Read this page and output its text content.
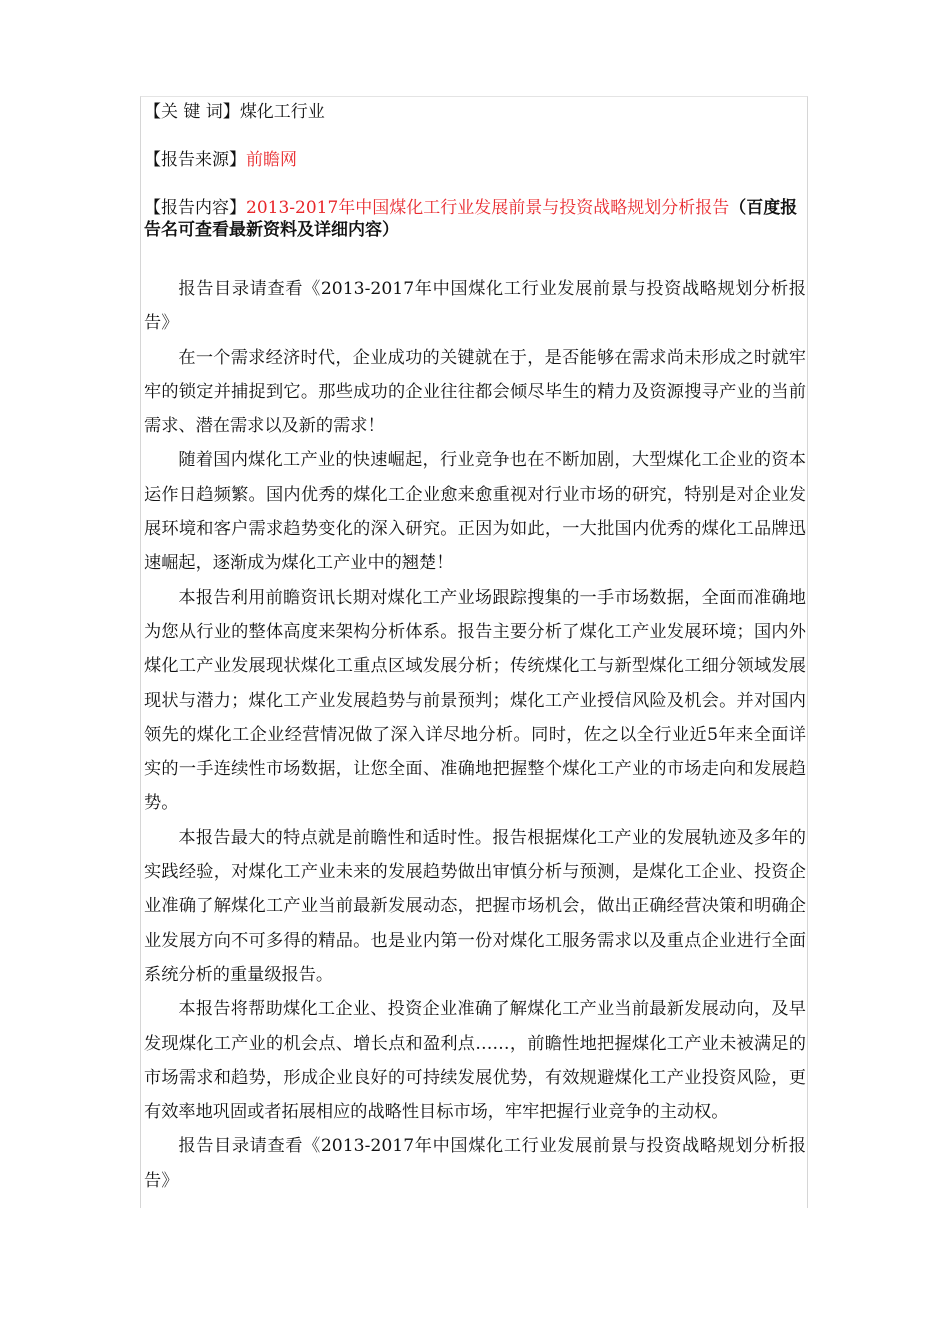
【关 键 词】煤化工行业
【报告来源】前瞻网
【报告内容】2013-2017年中国煤化工行业发展前景与投资战略规划分析报告（百度报告名可查看最新资料及详细内容）

报告目录请查看《2013-2017年中国煤化工行业发展前景与投资战略规划分析报告》

在一个需求经济时代，企业成功的关键就在于，是否能够在需求尚未形成之时就牢牢的锁定并捕捉到它。那些成功的企业往往都会倾尽毕生的精力及资源搜寻产业的当前需求、潜在需求以及新的需求！

随着国内煤化工产业的快速崛起，行业竞争也在不断加剧，大型煤化工企业的资本运作日趋频繁。国内优秀的煤化工企业愈来愈重视对行业市场的研究，特别是对企业发展环境和客户需求趋势变化的深入研究。正因为如此，一大批国内优秀的煤化工品牌迅速崛起，逐渐成为煤化工产业中的翘楚！

本报告利用前瞻资讯长期对煤化工产业场跟踪搜集的一手市场数据，全面而准确地为您从行业的整体高度来架构分析体系。报告主要分析了煤化工产业发展环境；国内外煤化工产业发展现状煤化工重点区域发展分析；传统煤化工与新型煤化工细分领域发展现状与潜力；煤化工产业发展趋势与前景预判；煤化工产业授信风险及机会。并对国内领先的煤化工企业经营情况做了深入详尽地分析。同时，佐之以全行业近5年来全面详实的一手连续性市场数据，让您全面、准确地把握整个煤化工产业的市场走向和发展趋势。

本报告最大的特点就是前瞻性和适时性。报告根据煤化工产业的发展轨迹及多年的实践经验，对煤化工产业未来的发展趋势做出审慎分析与预测，是煤化工企业、投资企业准确了解煤化工产业当前最新发展动态，把握市场机会，做出正确经营决策和明确企业发展方向不可多得的精品。也是业内第一份对煤化工服务需求以及重点企业进行全面系统分析的重量级报告。

本报告将帮助煤化工企业、投资企业准确了解煤化工产业当前最新发展动向，及早发现煤化工产业的机会点、增长点和盈利点……，前瞻性地把握煤化工产业未被满足的市场需求和趋势，形成企业良好的可持续发展优势，有效规避煤化工产业投资风险，更有效率地巩固或者拓展相应的战略性目标市场，牢牢把握行业竞争的主动权。

报告目录请查看《2013-2017年中国煤化工行业发展前景与投资战略规划分析报告》
